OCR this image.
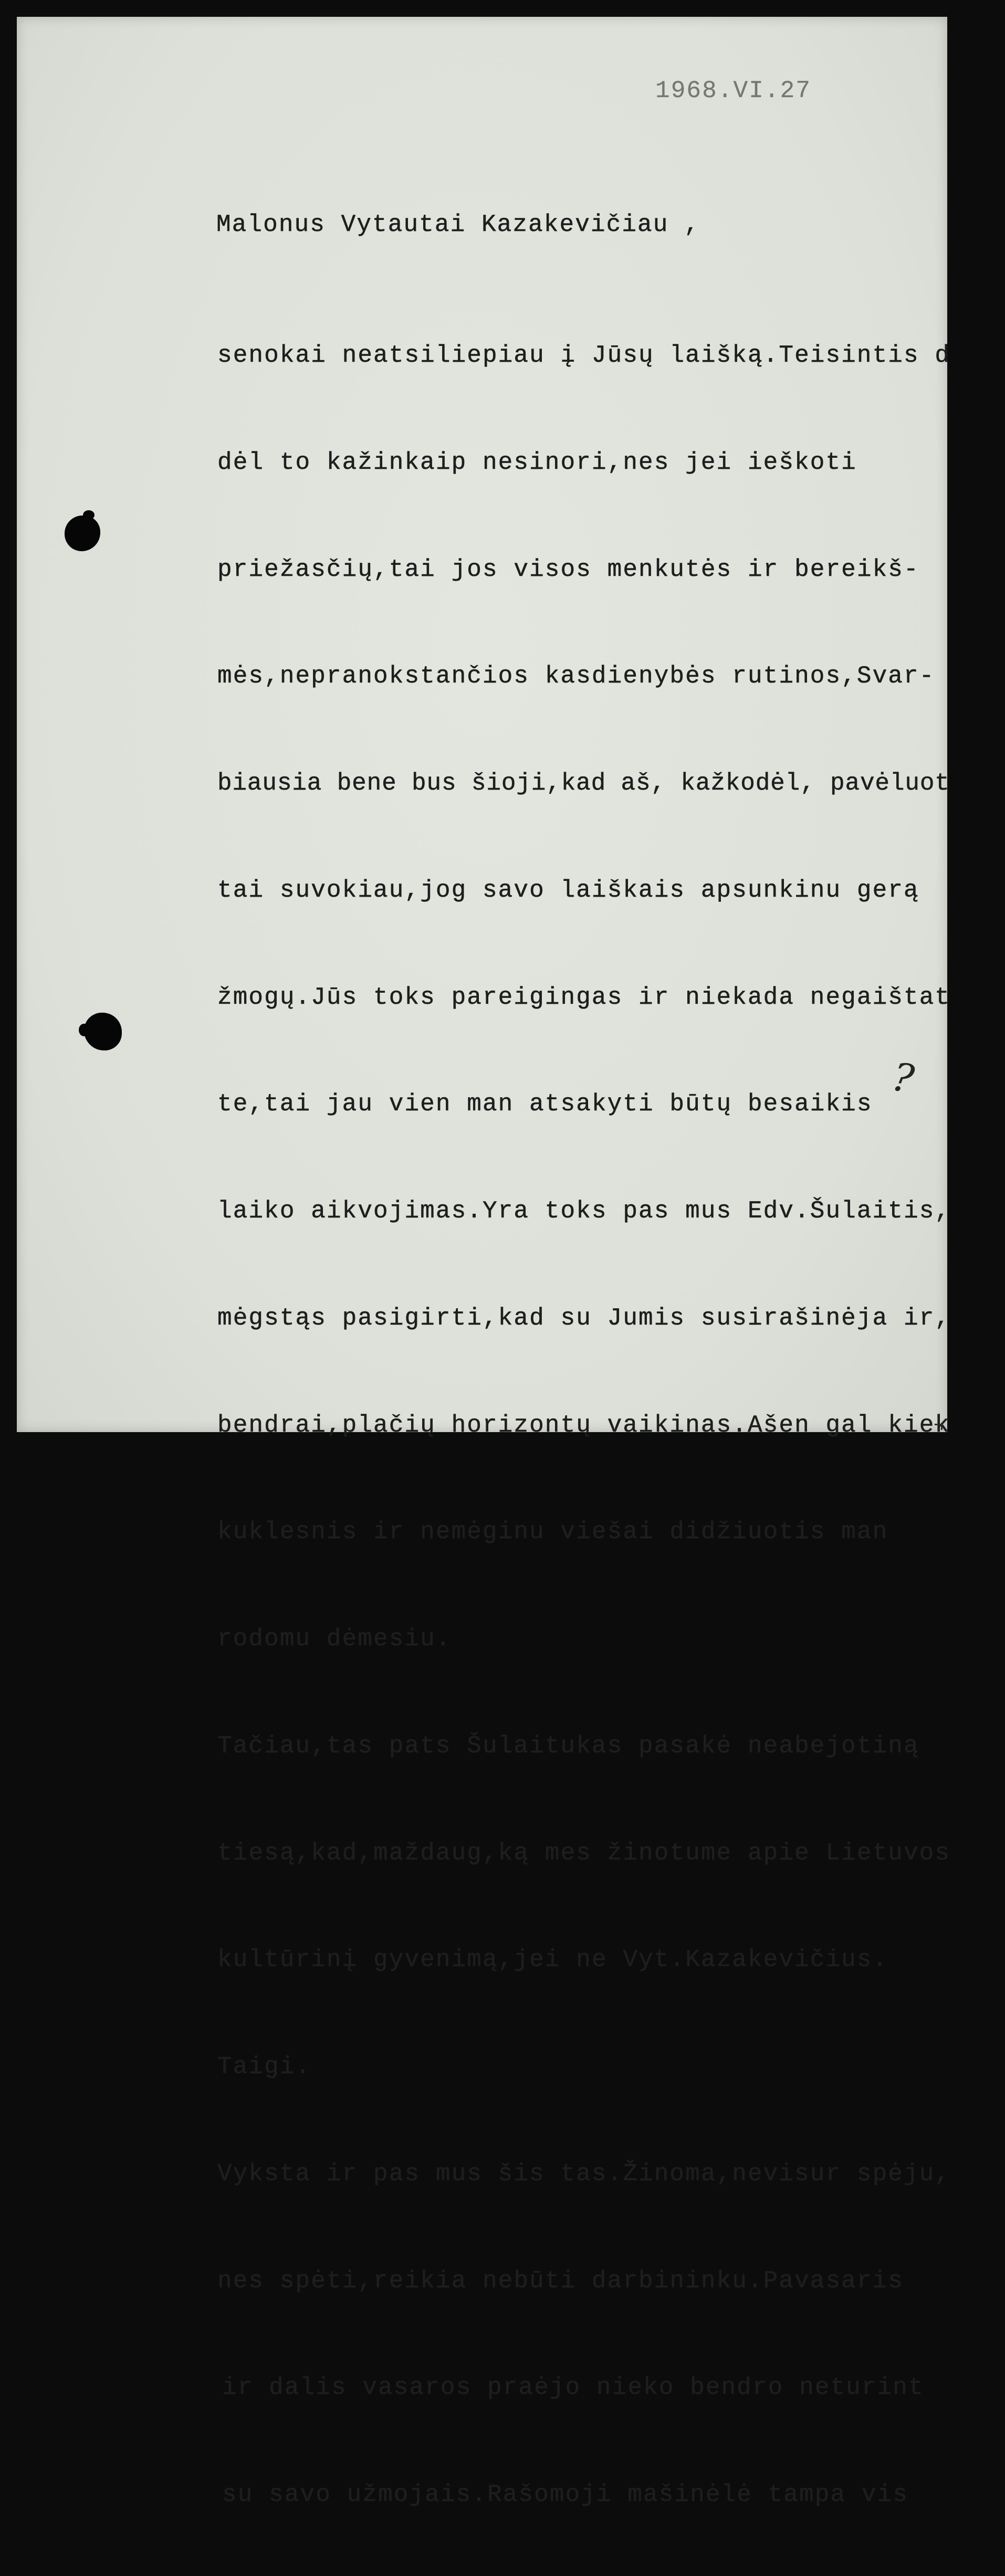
1968.VI.27
Malonus Vytautai Kazakevičiau ,

senokai neatsiliepiau į Jūsų laišką.Teisintis d

dėl to kažinkaip nesinori,nes jei ieškoti

priežasčių,tai jos visos menkutės ir bereikš-

mės,nepranokstančios kasdienybės rutinos,Svar-

biausia bene bus šioji,kad aš, kažkodėl, pavėluot

tai suvokiau,jog savo laiškais apsunkinu gerą

žmogų.Jūs toks pareigingas ir niekada negaištat

te,tai jau vien man atsakyti būtų besaikis

laiko aikvojimas.Yra toks pas mus Edv.Šulaitis,

mėgstąs pasigirti,kad su Jumis susirašinėja ir,

bendrai,plačių horizontų vaikinas.Ašen gal kiek

kuklesnis ir nemėginu viešai didžiuotis man

rodomu dėmesiu.

Tačiau,tas pats Šulaitukas pasakė neabejotiną

tiesą,kad,maždaug,ką mes žinotume apie Lietuvos

kultūrinį gyvenimą,jei ne Vyt.Kazakevičius.

Taigi.

Vyksta ir pas mus šis tas.Žinoma,nevisur spėju,

nes spėti,reikia nebūti darbininku.Pavasaris

ir dalis vasaros praėjo nieko bendro neturint

su savo užmojais.Rašomoji mašinėlė tampa vis

?
